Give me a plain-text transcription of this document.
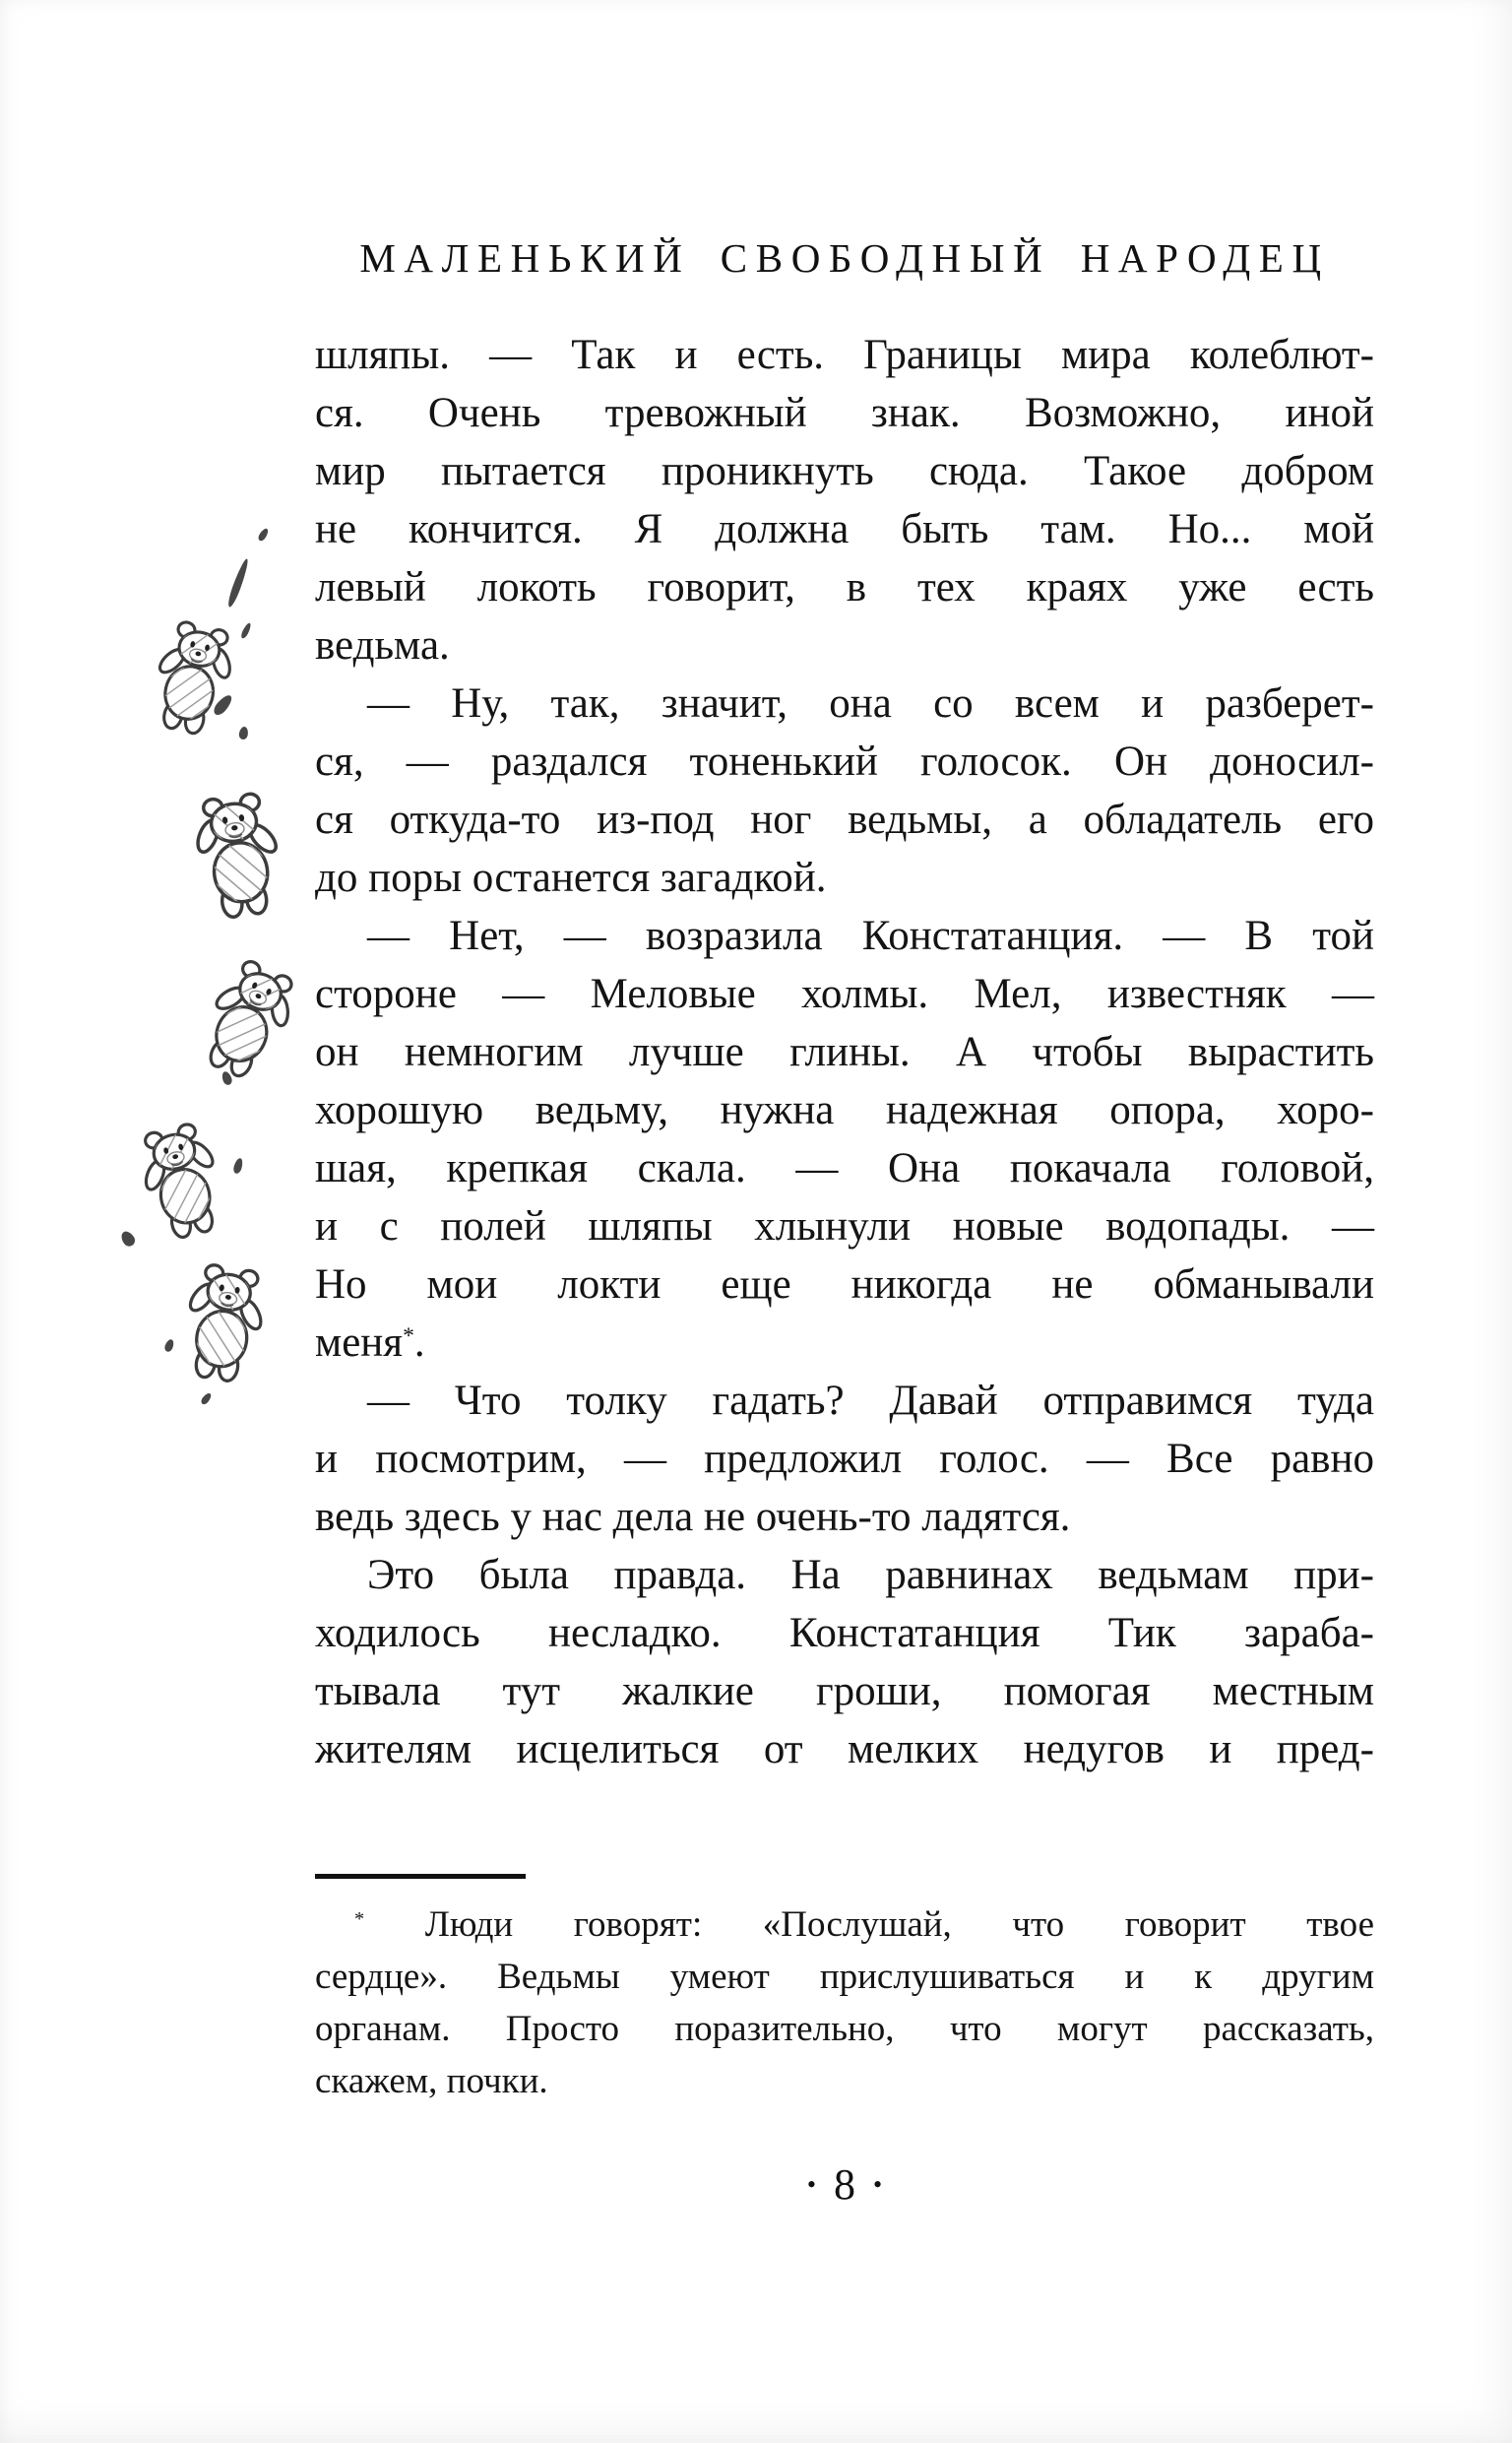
МАЛЕНЬКИЙ СВОБОДНЫЙ НАРОДЕЦ
шляпы. — Так и есть. Границы мира колеблют-
ся. Очень тревожный знак. Возможно, иной
мир пытается проникнуть сюда. Такое добром
не кончится. Я должна быть там. Но... мой
левый локоть говорит, в тех краях уже есть
ведьма.
— Ну, так, значит, она со всем и разберет-
ся, — раздался тоненький голосок. Он доносил-
ся откуда-то из-под ног ведьмы, а обладатель его
до поры останется загадкой.
— Нет, — возразила Констатанция. — В той
стороне — Меловые холмы. Мел, известняк —
он немногим лучше глины. А чтобы вырастить
хорошую ведьму, нужна надежная опора, хоро-
шая, крепкая скала. — Она покачала головой,
и с полей шляпы хлынули новые водопады. —
Но мои локти еще никогда не обманывали
меня*.
— Что толку гадать? Давай отправимся туда
и посмотрим, — предложил голос. — Все равно
ведь здесь у нас дела не очень-то ладятся.
Это была правда. На равнинах ведьмам при-
ходилось несладко. Констатанция Тик зараба-
тывала тут жалкие гроши, помогая местным
жителям исцелиться от мелких недугов и пред-
* Люди говорят: «Послушай, что говорит твое
сердце». Ведьмы умеют прислушиваться и к другим
органам. Просто поразительно, что могут рассказать,
скажем, почки.
• 8 •
